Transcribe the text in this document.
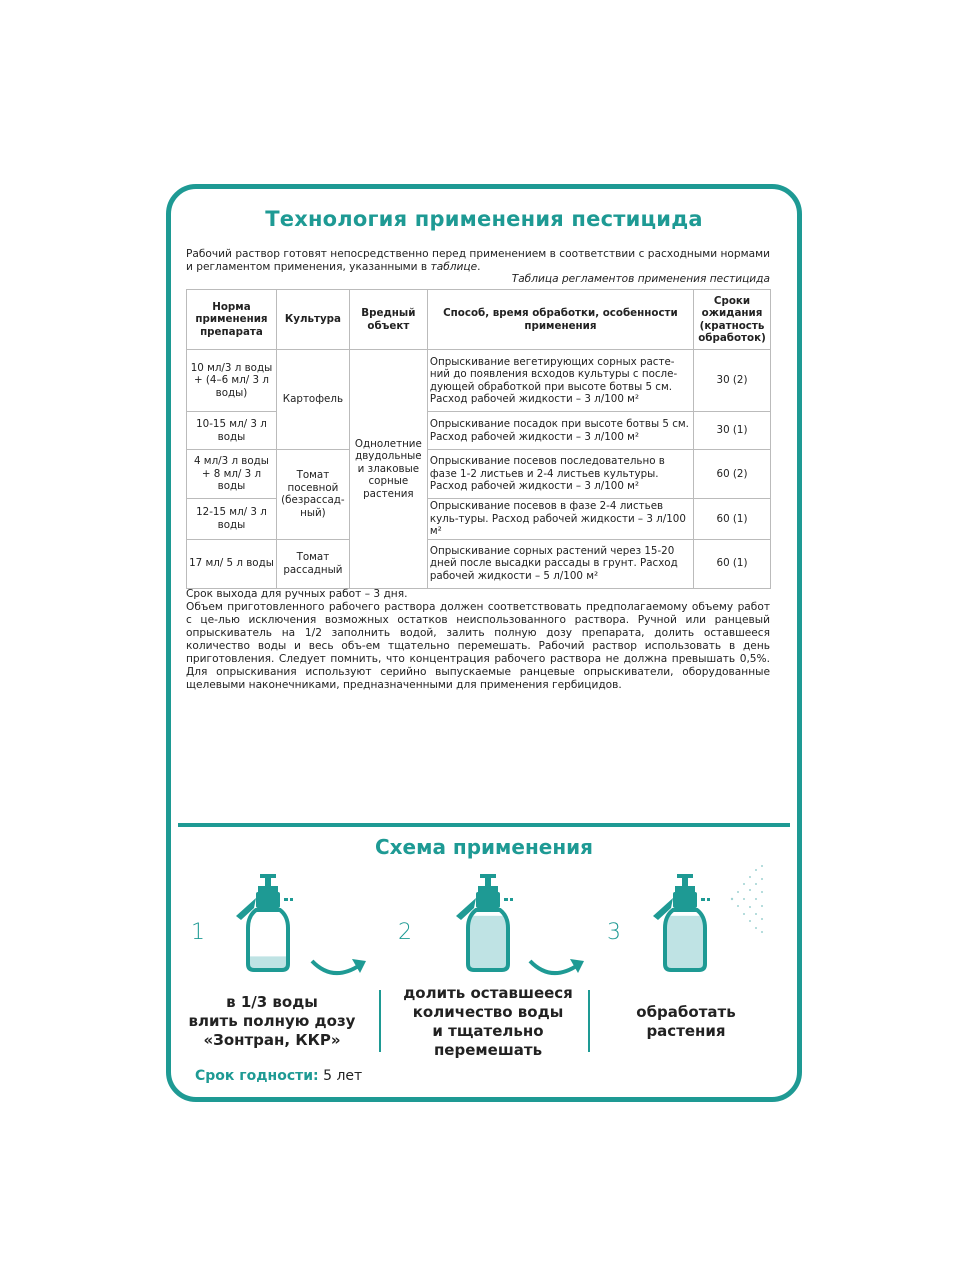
Технология применения пестицида
Рабочий раствор готовят непосредственно перед применением в соответствии с расходными нормами и регламентом применения, указанными в таблице.
Таблица регламентов применения пестицида
Норма применения препарата	Культура	Вредный объект	Способ, время обработки, особенности применения	Сроки ожидания (кратность обработок)
10 мл/3 л воды + (4–6 мл/ 3 л воды)	Картофель	Однолетние двудольные и злаковые сорные растения	Опрыскивание вегетирующих сорных расте-ний до появления всходов культуры с после-дующей обработкой при высоте ботвы 5 см. Расход рабочей жидкости – 3 л/100 м²	30 (2)
10-15 мл/ 3 л воды			Опрыскивание посадок при высоте ботвы 5 см. Расход рабочей жидкости – 3 л/100 м²	30 (1)
4 мл/3 л воды + 8 мл/ 3 л воды	Томат посевной (безрассад-ный)		Опрыскивание посевов последовательно в фазе 1-2 листьев и 2-4 листьев культуры. Расход рабочей жидкости – 3 л/100 м²	60 (2)
12-15 мл/ 3 л воды			Опрыскивание посевов в фазе 2-4 листьев куль-туры. Расход рабочей жидкости – 3 л/100 м²	60 (1)
17 мл/ 5 л воды	Томат рассадный		Опрыскивание сорных растений через 15-20 дней после высадки рассады в грунт. Расход рабочей жидкости – 5 л/100 м²	60 (1)
Срок выхода для ручных работ – 3 дня.
Объем приготовленного рабочего раствора должен соответствовать предполагаемому объему работ с це-лью исключения возможных остатков неиспользованного раствора. Ручной или ранцевый опрыскиватель на 1/2 заполнить водой, залить полную дозу препарата, долить оставшееся количество воды и весь объ-ем тщательно перемешать. Рабочий раствор использовать в день приготовления. Следует помнить, что концентрация рабочего раствора не должна превышать 0,5%. Для опрыскивания используют серийно выпускаемые ранцевые опрыскиватели, оборудованные щелевыми наконечниками, предназначенными для применения гербицидов.
Схема применения
1	2	3
в 1/3 воды
влить полную дозу
«Зонтран, ККР»
долить оставшееся
количество воды
и тщательно
перемешать
обработать
растения
Срок годности: 5 лет
